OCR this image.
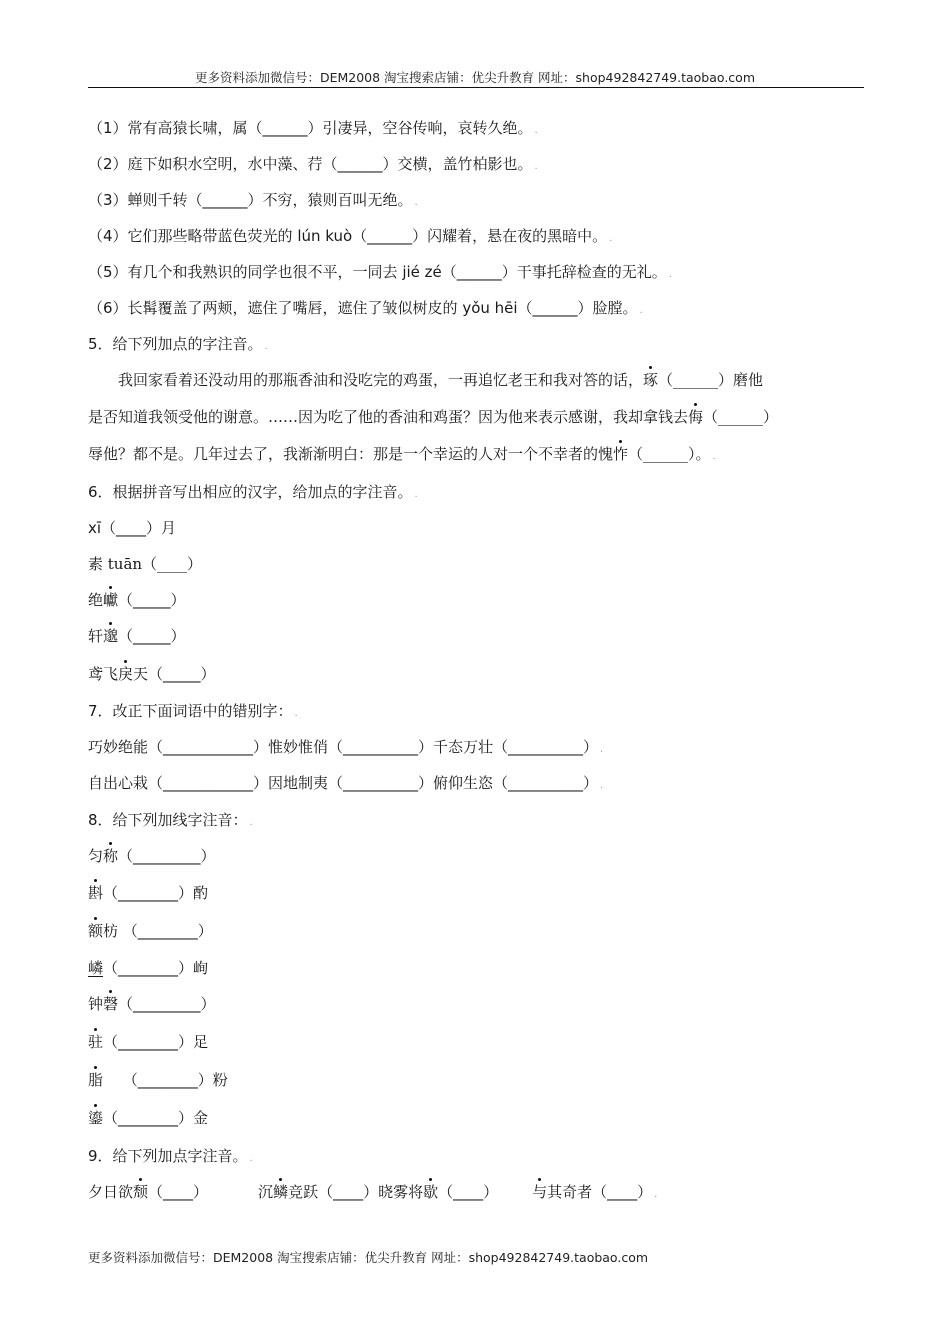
更多资料添加微信号：DEM2008 淘宝搜索店铺：优尖升教育 网址：shop492842749.taobao.com
（1）常有高猿长啸，属（______）引凄异，空谷传响，哀转久绝。 .
（2）庭下如积水空明，水中藻、荇（______）交横，盖竹柏影也。 .
（3）蝉则千转（______）不穷，猿则百叫无绝。 .
（4）它们那些略带蓝色荧光的 lún kuò（______）闪耀着，悬在夜的黑暗中。 .
（5）有几个和我熟识的同学也很不平，一同去 jié zé（______）干事托辞检查的无礼。 .
（6）长髯覆盖了两颊，遮住了嘴唇，遮住了皱似树皮的 yǒu hēi（______）脸膛。 .
5．给下列加点的字注音。 .
　　我回家看着还没动用的那瓶香油和没吃完的鸡蛋，一再追忆老王和我对答的话，琢（______）磨他
是否知道我领受他的谢意。……因为吃了他的香油和鸡蛋？因为他来表示感谢，我却拿钱去侮（______）
辱他？都不是。几年过去了，我渐渐明白：那是一个幸运的人对一个不幸者的愧怍（______）。 .
6．根据拼音写出相应的汉字，给加点的字注音。 .
xī（____）月
素 tuān（____）
绝巘（_____）
轩邈（_____）
鸢飞戾天（_____）
7．改正下面词语中的错别字： .
巧妙绝能（____________）惟妙惟俏（__________）千态万壮（__________） .
自出心栽（____________）因地制夷（__________）俯仰生恣（__________） .
8．给下列加线字注音： .
匀称（_________）
斟（________）酌
额枋 （________）
嶙（________）峋
钟磬（_________）
驻（________）足
脂　 （________）粉
鎏（________）金
9．给下列加点字注音。 .
夕日欲颓（____）	沉鳞竞跃（____）晓雾将歇（____） 与其奇者（____） .
更多资料添加微信号：DEM2008 淘宝搜索店铺：优尖升教育 网址：shop492842749.taobao.com
